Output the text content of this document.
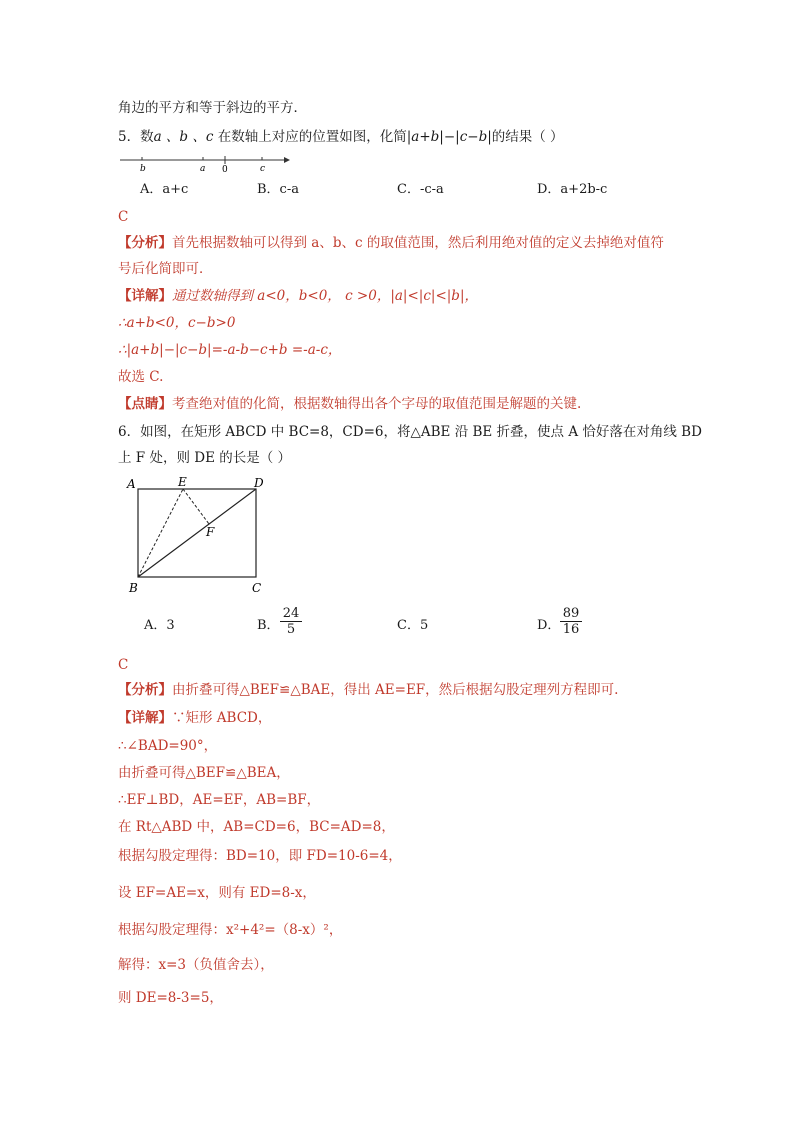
角边的平方和等于斜边的平方．
5．数a 、b 、c 在数轴上对应的位置如图，化简|a+b|−|c−b|的结果（ ）
b	a 0	c
A．a+c	B．c-a	C．-c-a	D．a+2b-c
C
【分析】首先根据数轴可以得到 a、b、c 的取值范围，然后利用绝对值的定义去掉绝对值符
号后化简即可．
【详解】通过数轴得到 a<0，b<0， c >0，|a|<|c|<|b|，
∴a+b<0，c−b>0
∴|a+b|−|c−b|=-a-b−c+b =-a-c，
故选 C.
【点睛】考查绝对值的化简，根据数轴得出各个字母的取值范围是解题的关键.
6．如图，在矩形 ABCD 中 BC=8，CD=6，将△ABE 沿 BE 折叠，使点 A 恰好落在对角线 BD
上 F 处，则 DE 的长是（ ）
A	E	D
F
B	C
A．3	B． $\frac{24}{5}$	C．5	D． $\frac{89}{16}$
C
【分析】由折叠可得△BEF≌△BAE，得出 AE=EF，然后根据勾股定理列方程即可.
【详解】∵矩形 ABCD，
∴∠BAD=90°，
由折叠可得△BEF≌△BEA，
∴EF⊥BD，AE=EF，AB=BF，
在 Rt△ABD 中，AB=CD=6，BC=AD=8，
根据勾股定理得：BD=10，即 FD=10-6=4，
设 EF=AE=x，则有 ED=8-x，
根据勾股定理得：x²+4²=（8-x）²，
解得：x=3（负值舍去），
则 DE=8-3=5，
